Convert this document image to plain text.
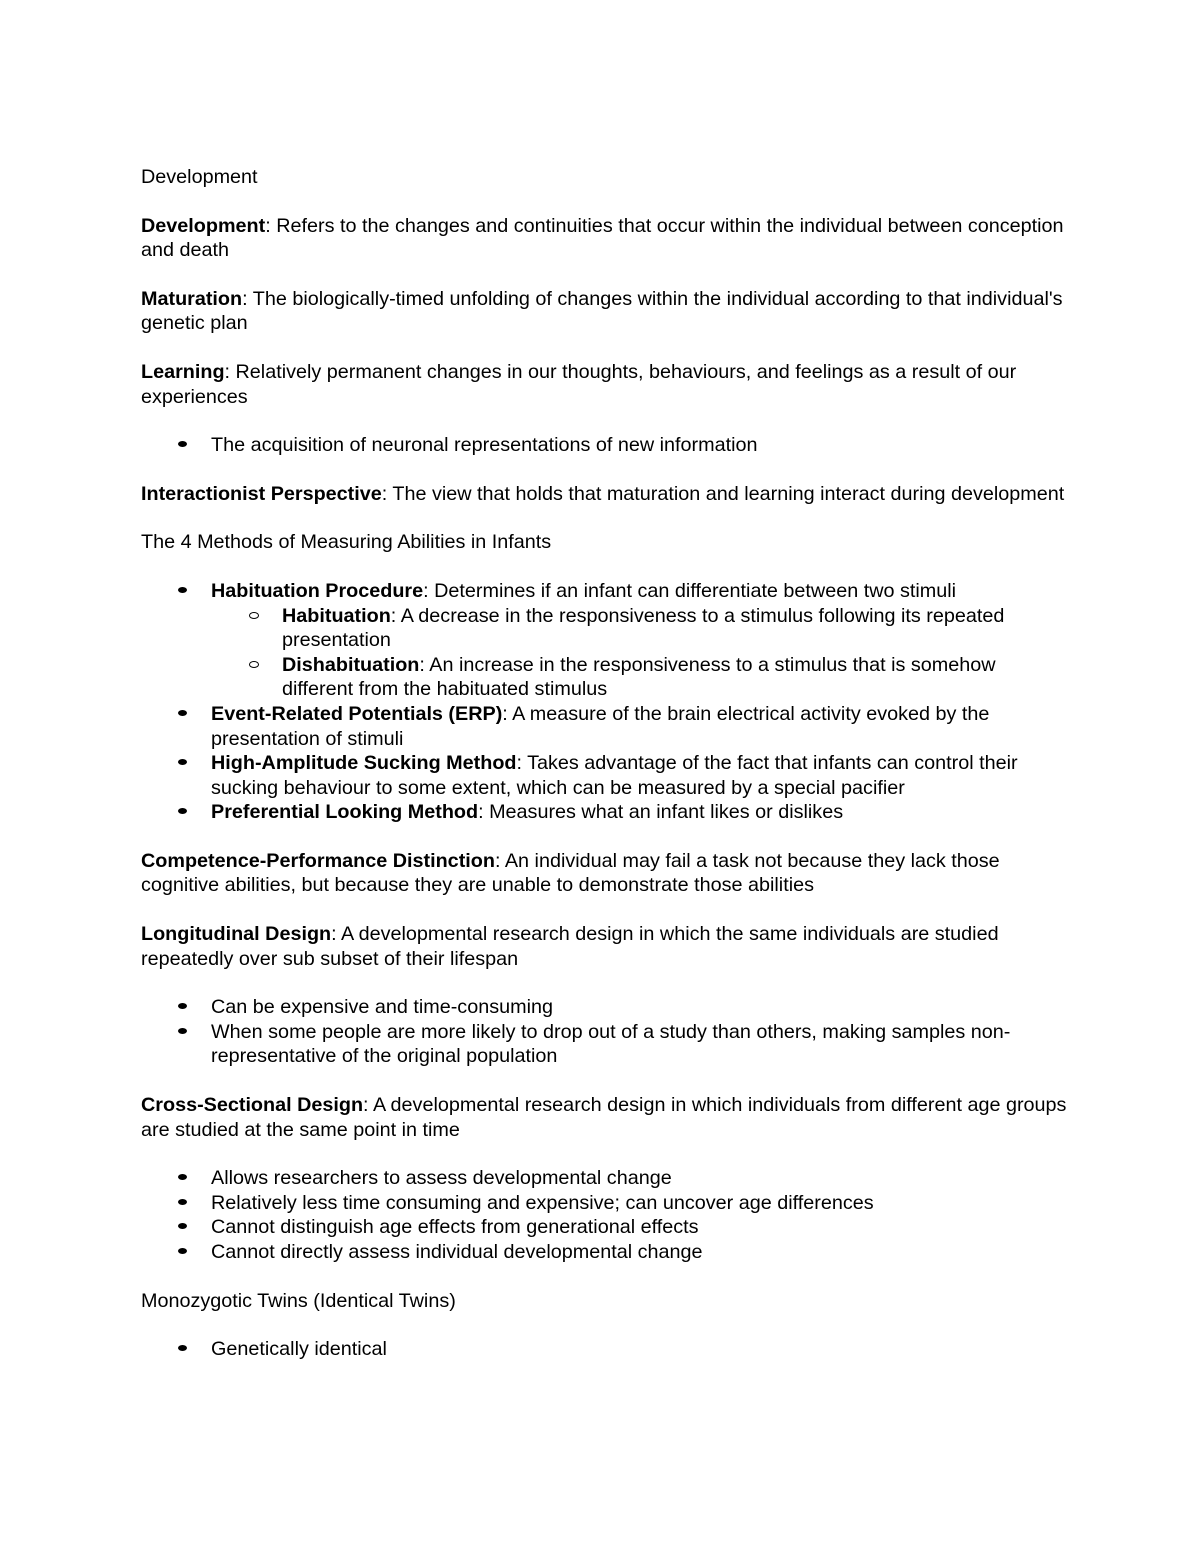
Development

Development: Refers to the changes and continuities that occur within the individual between conception and death

Maturation: The biologically-timed unfolding of changes within the individual according to that individual's genetic plan

Learning: Relatively permanent changes in our thoughts, behaviours, and feelings as a result of our experiences

The acquisition of neuronal representations of new information

Interactionist Perspective: The view that holds that maturation and learning interact during development

The 4 Methods of Measuring Abilities in Infants

Habituation Procedure: Determines if an infant can differentiate between two stimuli
Habituation: A decrease in the responsiveness to a stimulus following its repeated presentation
Dishabituation: An increase in the responsiveness to a stimulus that is somehow different from the habituated stimulus
Event-Related Potentials (ERP): A measure of the brain electrical activity evoked by the presentation of stimuli
High-Amplitude Sucking Method: Takes advantage of the fact that infants can control their sucking behaviour to some extent, which can be measured by a special pacifier
Preferential Looking Method: Measures what an infant likes or dislikes

Competence-Performance Distinction: An individual may fail a task not because they lack those cognitive abilities, but because they are unable to demonstrate those abilities

Longitudinal Design: A developmental research design in which the same individuals are studied repeatedly over sub subset of their lifespan

Can be expensive and time-consuming
When some people are more likely to drop out of a study than others, making samples non-representative of the original population

Cross-Sectional Design: A developmental research design in which individuals from different age groups are studied at the same point in time

Allows researchers to assess developmental change
Relatively less time consuming and expensive; can uncover age differences
Cannot distinguish age effects from generational effects
Cannot directly assess individual developmental change

Monozygotic Twins (Identical Twins)

Genetically identical
